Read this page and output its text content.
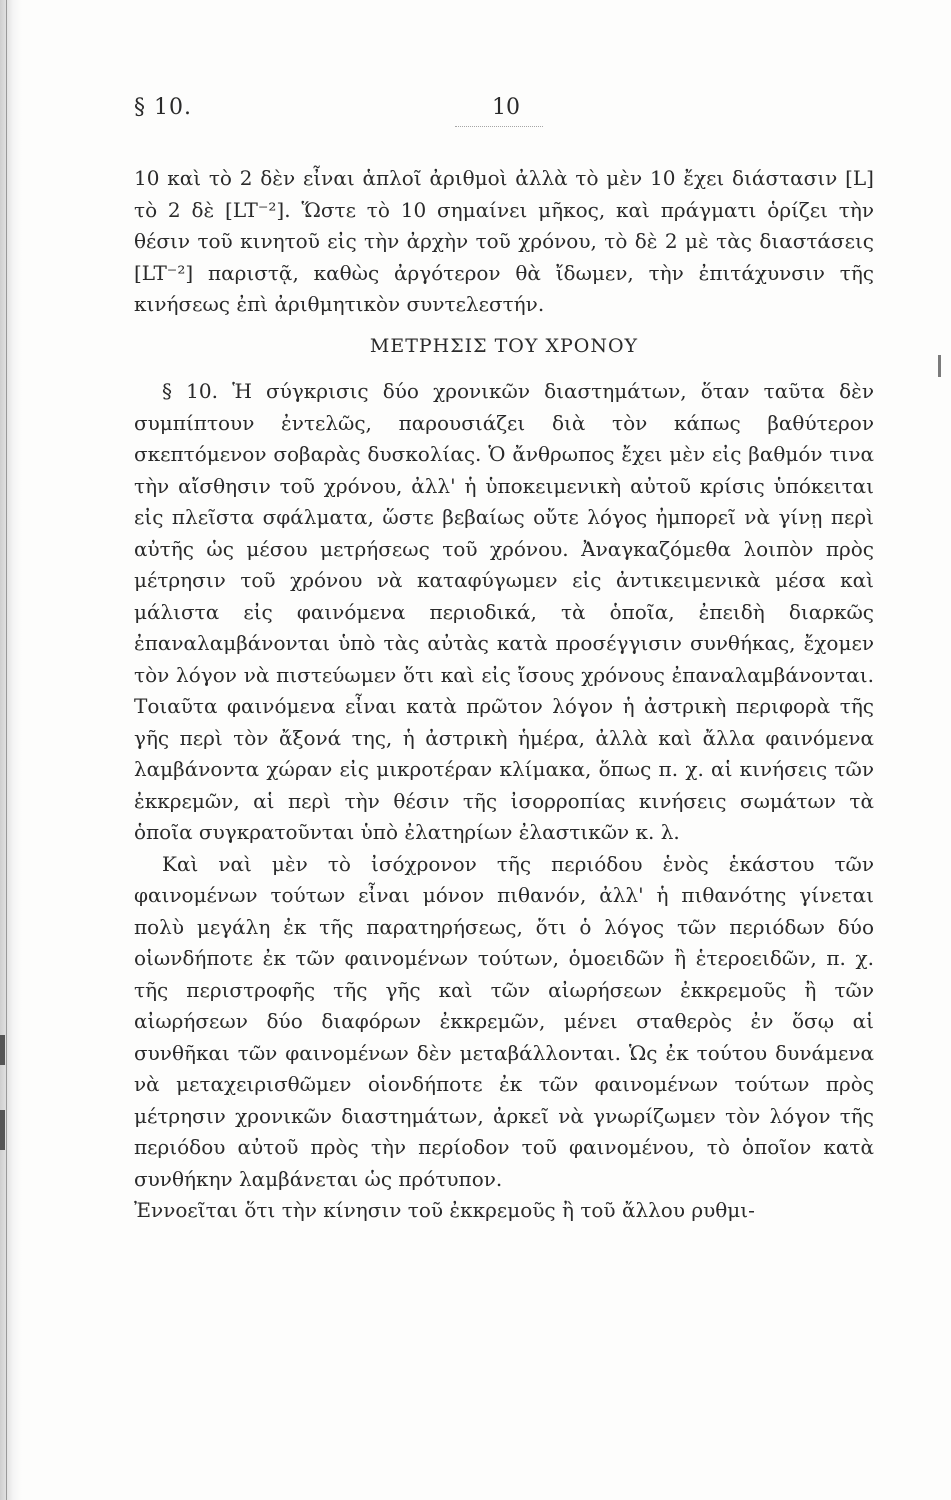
§ 10.	10

10 καὶ τὸ 2 δὲν εἶναι ἁπλοῖ ἀριθμοὶ ἀλλὰ τὸ μὲν 10 ἔχει διάστασιν [L] τὸ 2 δὲ [LT⁻²]. Ὥστε τὸ 10 σημαίνει μῆκος, καὶ πράγματι ὁρίζει τὴν θέσιν τοῦ κινητοῦ εἰς τὴν ἀρχὴν τοῦ χρόνου, τὸ δὲ 2 μὲ τὰς διαστάσεις [LT⁻²] παριστᾷ, καθὼς ἀργότερον θὰ ἴδωμεν, τὴν ἐπιτάχυνσιν τῆς κινήσεως ἐπὶ ἀριθμητικὸν συντελεστήν.

ΜΕΤΡΗΣΙΣ ΤΟΥ ΧΡΟΝΟΥ

§ 10. Ἡ σύγκρισις δύο χρονικῶν διαστημάτων, ὅταν ταῦτα δὲν συμπίπτουν ἐντελῶς, παρουσιάζει διὰ τὸν κάπως βαθύτερον σκεπτόμενον σοβαρὰς δυσκολίας. Ὁ ἄνθρωπος ἔχει μὲν εἰς βαθμόν τινα τὴν αἴσθησιν τοῦ χρόνου, ἀλλ' ἡ ὑποκειμενικὴ αὐτοῦ κρίσις ὑπόκειται εἰς πλεῖστα σφάλματα, ὥστε βεβαίως οὔτε λόγος ἠμπορεῖ νὰ γίνῃ περὶ αὐτῆς ὡς μέσου μετρήσεως τοῦ χρόνου. Ἀναγκαζόμεθα λοιπὸν πρὸς μέτρησιν τοῦ χρόνου νὰ καταφύγωμεν εἰς ἀντικειμενικὰ μέσα καὶ μάλιστα εἰς φαινόμενα περιοδικά, τὰ ὁποῖα, ἐπειδὴ διαρκῶς ἐπαναλαμβάνονται ὑπὸ τὰς αὐτὰς κατὰ προσέγγισιν συνθήκας, ἔχομεν τὸν λόγον νὰ πιστεύωμεν ὅτι καὶ εἰς ἴσους χρόνους ἐπαναλαμβάνονται. Τοιαῦτα φαινόμενα εἶναι κατὰ πρῶτον λόγον ἡ ἀστρικὴ περιφορὰ τῆς γῆς περὶ τὸν ἄξονά της, ἡ ἀστρικὴ ἡμέρα, ἀλλὰ καὶ ἄλλα φαινόμενα λαμβάνοντα χώραν εἰς μικροτέραν κλίμακα, ὅπως π. χ. αἱ κινήσεις τῶν ἐκκρεμῶν, αἱ περὶ τὴν θέσιν τῆς ἰσορροπίας κινήσεις σωμάτων τὰ ὁποῖα συγκρατοῦνται ὑπὸ ἐλατηρίων ἐλαστικῶν κ. λ.

Καὶ ναὶ μὲν τὸ ἰσόχρονον τῆς περιόδου ἑνὸς ἑκάστου τῶν φαινομένων τούτων εἶναι μόνον πιθανόν, ἀλλ' ἡ πιθανότης γίνεται πολὺ μεγάλη ἐκ τῆς παρατηρήσεως, ὅτι ὁ λόγος τῶν περιόδων δύο οἱωνδήποτε ἐκ τῶν φαινομένων τούτων, ὁμοειδῶν ἢ ἑτεροειδῶν, π. χ. τῆς περιστροφῆς τῆς γῆς καὶ τῶν αἰωρήσεων ἐκκρεμοῦς ἢ τῶν αἰωρήσεων δύο διαφόρων ἐκκρεμῶν, μένει σταθερὸς ἐν ὅσῳ αἱ συνθῆκαι τῶν φαινομένων δὲν μεταβάλλονται. Ὡς ἐκ τούτου δυνάμενα νὰ μεταχειρισθῶμεν οἱονδήποτε ἐκ τῶν φαινομένων τούτων πρὸς μέτρησιν χρονικῶν διαστημάτων, ἀρκεῖ νὰ γνωρίζωμεν τὸν λόγον τῆς περιόδου αὐτοῦ πρὸς τὴν περίοδον τοῦ φαινομένου, τὸ ὁποῖον κατὰ συνθήκην λαμβάνεται ὡς πρότυπον.

Ἐννοεῖται ὅτι τὴν κίνησιν τοῦ ἐκκρεμοῦς ἢ τοῦ ἄλλου ρυθμι-
